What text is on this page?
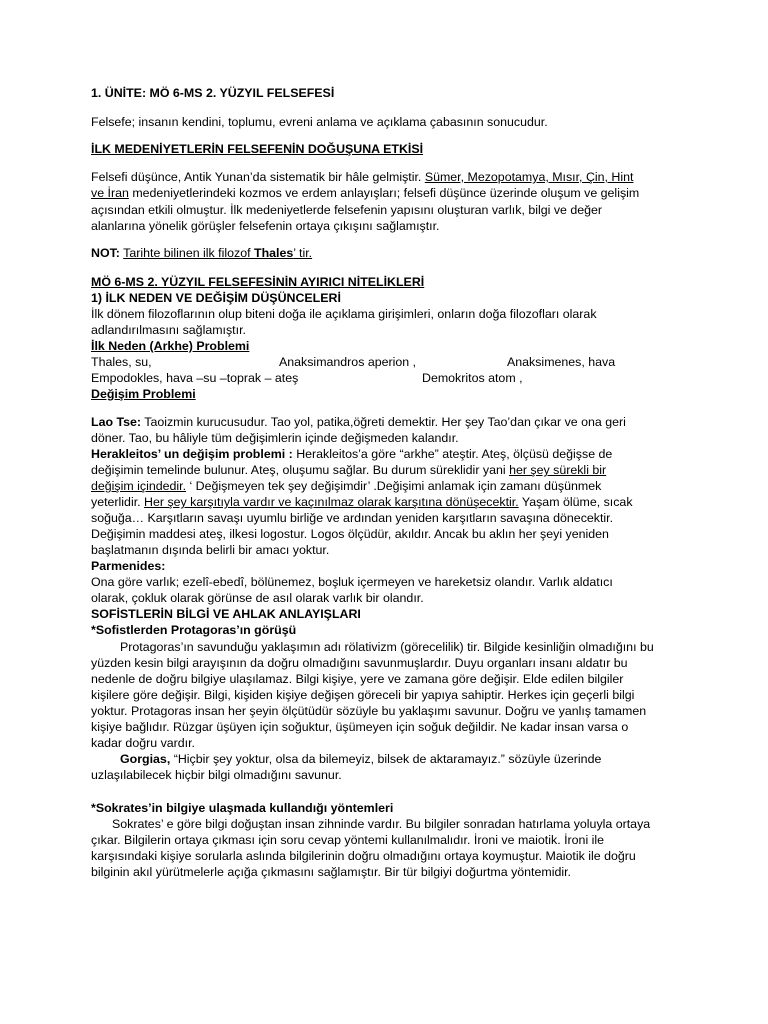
1. ÜNİTE: MÖ 6-MS 2. YÜZYIL FELSEFESİ
Felsefe; insanın kendini, toplumu, evreni anlama ve açıklama çabasının sonucudur.
İLK MEDENİYETLERİN FELSEFENİN DOĞUŞUNA ETKİSİ
Felsefi düşünce, Antik Yunan’da sistematik bir hâle gelmiştir. Sümer, Mezopotamya, Mısır, Çin, Hint
ve İran medeniyetlerindeki kozmos ve erdem anlayışları; felsefi düşünce üzerinde oluşum ve gelişim
açısından etkili olmuştur. İlk medeniyetlerde felsefenin yapısını oluşturan varlık, bilgi ve değer
alanlarına yönelik görüşler felsefenin ortaya çıkışını sağlamıştır.
NOT: Tarihte bilinen ilk filozof Thales’ tir.
MÖ 6-MS 2. YÜZYIL FELSEFESİNİN AYIRICI NİTELİKLERİ
1) İLK NEDEN VE DEĞİŞİM DÜŞÜNCELERİ
İlk dönem filozoflarının olup biteni doğa ile açıklama girişimleri, onların doğa filozofları olarak
adlandırılmasını sağlamıştır.
İlk Neden (Arkhe) Problemi
Thales, su,	Anaksimandros aperion ,	Anaksimenes, hava
Empodokles, hava –su –toprak – ateş	Demokritos atom ,
Değişim Problemi
Lao Tse: Taoizmin kurucusudur. Tao yol, patika,öğreti demektir. Her şey Tao’dan çıkar ve ona geri
döner. Tao, bu hâliyle tüm değişimlerin içinde değişmeden kalandır.
Herakleitos’ un değişim problemi : Herakleitos’a göre “arkhe” ateştir. Ateş, ölçüsü değişse de
değişimin temelinde bulunur. Ateş, oluşumu sağlar. Bu durum süreklidir yani her şey sürekli bir
değişim içindedir. ‘ Değişmeyen tek şey değişimdir’ .Değişimi anlamak için zamanı düşünmek
yeterlidir. Her şey karşıtıyla vardır ve kaçınılmaz olarak karşıtına dönüşecektir. Yaşam ölüme, sıcak
soğuğa… Karşıtların savaşı uyumlu birliğe ve ardından yeniden karşıtların savaşına dönecektir.
Değişimin maddesi ateş, ilkesi logostur. Logos ölçüdür, akıldır. Ancak bu aklın her şeyi yeniden
başlatmanın dışında belirli bir amacı yoktur.
Parmenides:
Ona göre varlık; ezelî-ebedî, bölünemez, boşluk içermeyen ve hareketsiz olandır. Varlık aldatıcı
olarak, çokluk olarak görünse de asıl olarak varlık bir olandır.
SOFİSTLERİN BİLGİ VE AHLAK ANLAYIŞLARI
*Sofistlerden Protagoras’ın görüşü
Protagoras’ın savunduğu yaklaşımın adı rölativizm (görecelilik) tir. Bilgide kesinliğin olmadığını bu
yüzden kesin bilgi arayışının da doğru olmadığını savunmuşlardır. Duyu organları insanı aldatır bu
nedenle de doğru bilgiye ulaşılamaz. Bilgi kişiye, yere ve zamana göre değişir. Elde edilen bilgiler
kişilere göre değişir. Bilgi, kişiden kişiye değişen göreceli bir yapıya sahiptir. Herkes için geçerli bilgi
yoktur. Protagoras insan her şeyin ölçütüdür sözüyle bu yaklaşımı savunur. Doğru ve yanlış tamamen
kişiye bağlıdır. Rüzgar üşüyen için soğuktur, üşümeyen için soğuk değildir. Ne kadar insan varsa o
kadar doğru vardır.
Gorgias, “Hiçbir şey yoktur, olsa da bilemeyiz, bilsek de aktaramayız.” sözüyle üzerinde
uzlaşılabilecek hiçbir bilgi olmadığını savunur.
*Sokrates’in bilgiye ulaşmada kullandığı yöntemleri
Sokrates’ e göre bilgi doğuştan insan zihninde vardır. Bu bilgiler sonradan hatırlama yoluyla ortaya
çıkar. Bilgilerin ortaya çıkması için soru cevap yöntemi kullanılmalıdır. İroni ve maiotik. İroni ile
karşısındaki kişiye sorularla aslında bilgilerinin doğru olmadığını ortaya koymuştur. Maiotik ile doğru
bilginin akıl yürütmelerle açığa çıkmasını sağlamıştır. Bir tür bilgiyi doğurtma yöntemidir.
